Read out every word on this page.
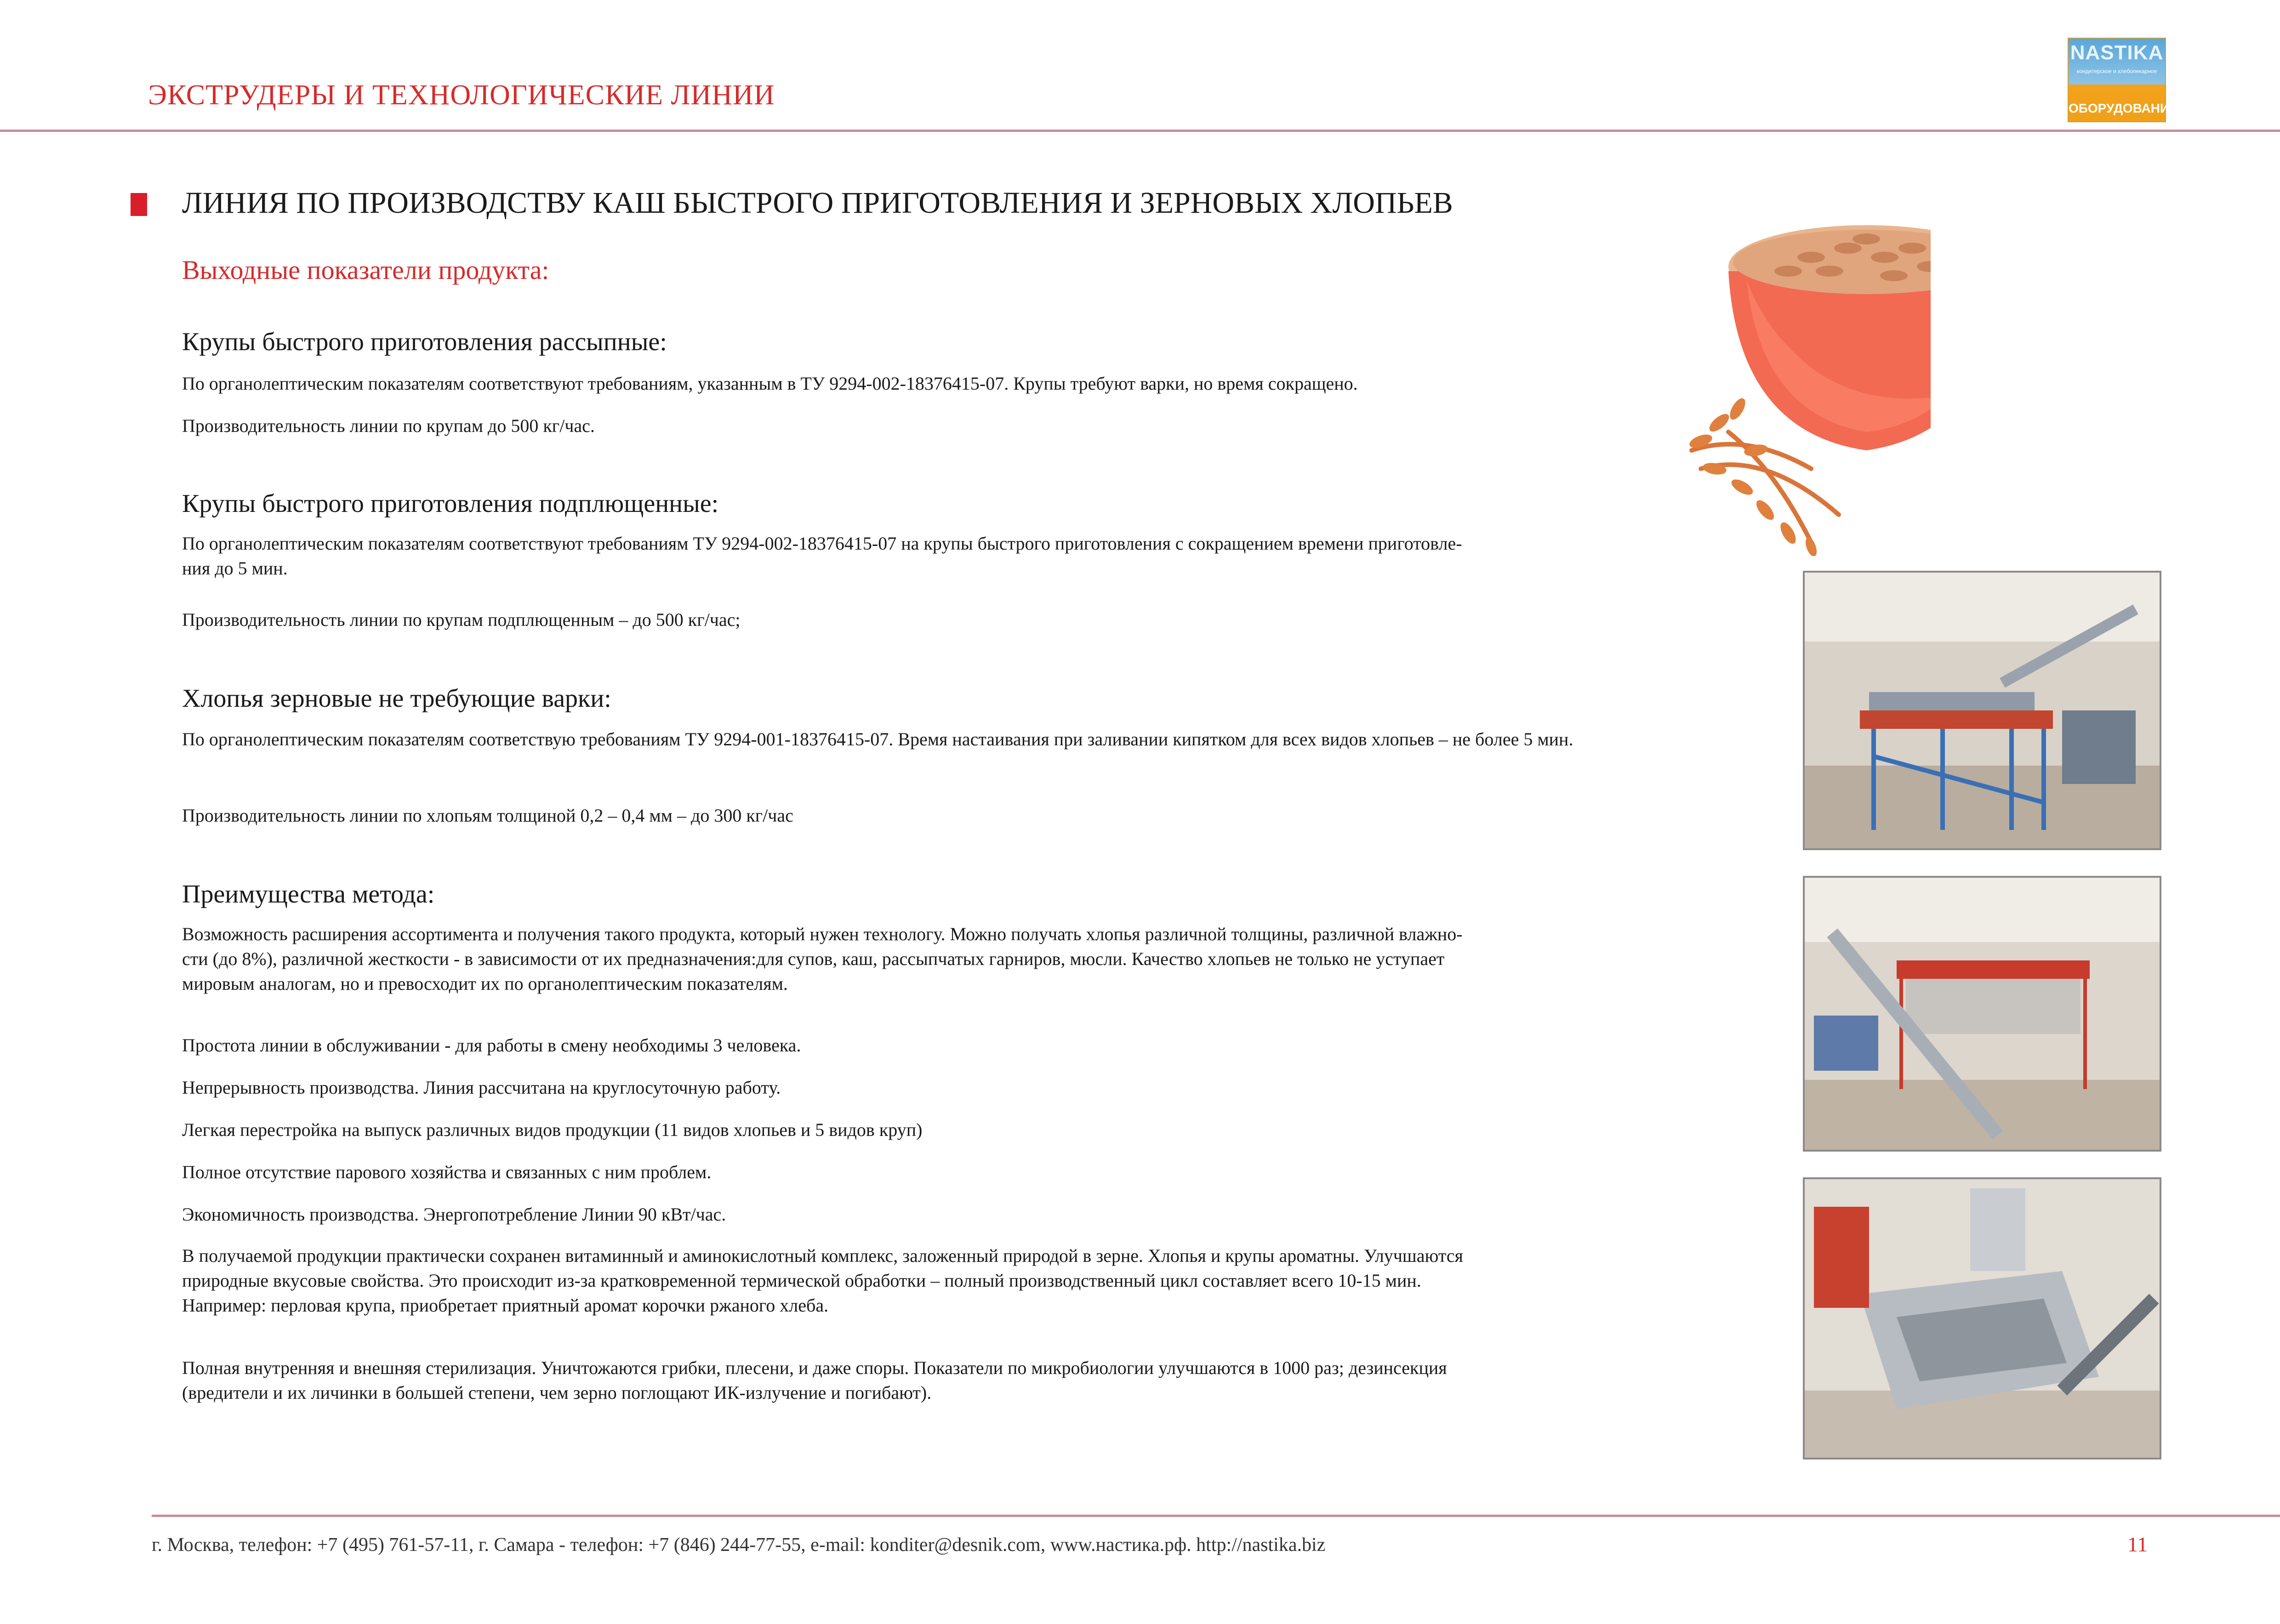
ЭКСТРУДЕРЫ И ТЕХНОЛОГИЧЕСКИЕ ЛИНИИ
NASTIKA
кондитерское и хлебопекарное
ОБОРУДОВАНИЕ
ЛИНИЯ ПО ПРОИЗВОДСТВУ КАШ БЫСТРОГО ПРИГОТОВЛЕНИЯ И ЗЕРНОВЫХ ХЛОПЬЕВ
Выходные показатели продукта:
Крупы быстрого приготовления рассыпные:
По органолептическим показателям соответствуют требованиям, указанным в ТУ 9294-002-18376415-07. Крупы требуют варки, но время сокращено.
Производительность линии по крупам до 500 кг/час.
Крупы быстрого приготовления подплющенные:
По органолептическим показателям соответствуют требованиям ТУ 9294-002-18376415-07 на крупы быстрого приготовления с сокращением времени приготовле-
ния до 5 мин.
Производительность линии по крупам подплющенным – до 500 кг/час;
Хлопья зерновые не требующие варки:
По органолептическим показателям соответствую требованиям ТУ 9294-001-18376415-07. Время настаивания при заливании кипятком для всех видов хлопьев – не более 5 мин.
Производительность линии по хлопьям толщиной 0,2 – 0,4 мм – до 300 кг/час
Преимущества метода:
Возможность расширения ассортимента и получения такого продукта, который нужен технологу. Можно получать хлопья различной толщины, различной влажно-
сти (до 8%), различной жесткости - в зависимости от их предназначения:для супов, каш, рассыпчатых гарниров, мюсли. Качество хлопьев не только не уступает
мировым аналогам, но и превосходит их по органолептическим показателям.
Простота линии в обслуживании - для работы в смену необходимы 3 человека.
Непрерывность производства. Линия рассчитана на круглосуточную работу.
Легкая перестройка на выпуск различных видов продукции (11 видов хлопьев и 5 видов круп)
Полное отсутствие парового хозяйства и связанных с ним проблем.
Экономичность производства. Энергопотребление Линии 90 кВт/час.
В получаемой продукции практически сохранен витаминный и аминокислотный комплекс, заложенный природой в зерне. Хлопья и крупы ароматны. Улучшаются
природные вкусовые свойства. Это происходит из-за кратковременной термической обработки – полный производственный цикл составляет всего 10-15 мин.
Например: перловая крупа, приобретает приятный аромат корочки ржаного хлеба.
Полная внутренняя и внешняя стерилизация. Уничтожаются грибки, плесени, и даже споры. Показатели по микробиологии улучшаются в 1000 раз; дезинсекция
(вредители и их личинки в большей степени, чем зерно поглощают ИК-излучение и погибают).
г. Москва, телефон: +7 (495) 761-57-11, г. Самара - телефон: +7 (846) 244-77-55, e-mail: konditer@desnik.com, www.настика.рф. http://nastika.biz	11
